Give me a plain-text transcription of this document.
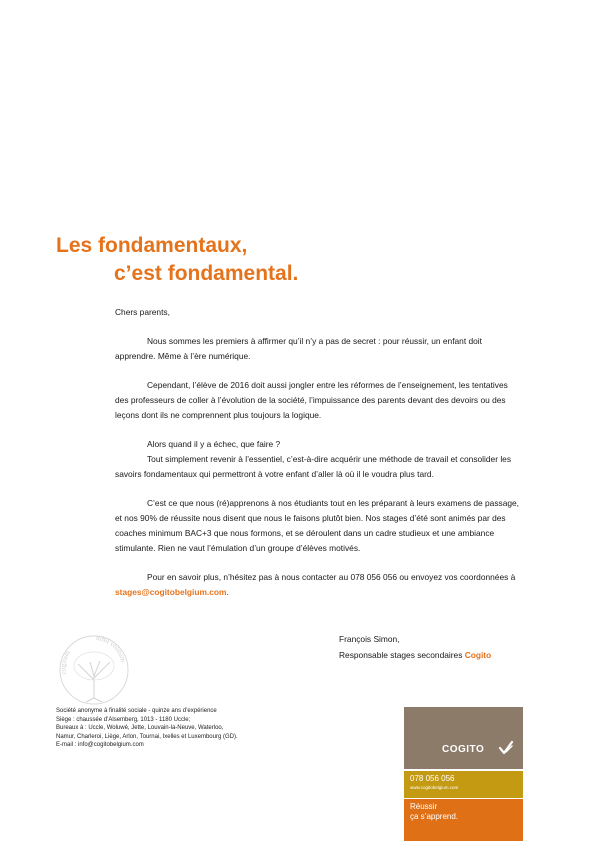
Les fondamentaux,
c’est fondamental.

Chers parents,

Nous sommes les premiers à affirmer qu’il n’y a pas de secret : pour réussir, un enfant doit apprendre. Même à l’ère numérique.

Cependant, l’élève de 2016 doit aussi jongler entre les réformes de l’enseignement, les tentatives des professeurs de coller à l’évolution de la société, l’impuissance des parents devant des devoirs ou des leçons dont ils ne comprennent plus toujours la logique.

Alors quand il y a échec, que faire ?

Tout simplement revenir à l’essentiel, c’est-à-dire acquérir une méthode de travail et consolider les savoirs fondamentaux qui permettront à votre enfant d’aller là où il le voudra plus tard.

C’est ce que nous (ré)apprenons à nos étudiants tout en les préparant à leurs examens de passage, et nos 90% de réussite nous disent que nous le faisons plutôt bien. Nos stages d’été sont animés par des coaches minimum BAC+3 que nous formons, et se déroulent dans un cadre studieux et une ambiance stimulante. Rien ne vaut l’émulation d’un groupe d’élèves motivés.

Pour en savoir plus, n’hésitez pas à nous contacter au 078 056 056 ou envoyez vos coordonnées à stages@cogitobelgium.com.

François Simon,
Responsable stages secondaires Cogito
cogitum
nihil volitum
Société anonyme à finalité sociale - quinze ans d’expérience
Siège : chaussée d’Alsemberg, 1013 - 1180 Uccle;
Bureaux à : Uccle, Woluwé, Jette, Louvain-la-Neuve, Waterloo,
Namur, Charleroi, Liège, Arlon, Tournai, Ixelles et Luxembourg (GD).
E-mail : info@cogitobelgium.com	COGITO
078 056 056
www.cogitobelgium.com
Réussir
ça s’apprend.
